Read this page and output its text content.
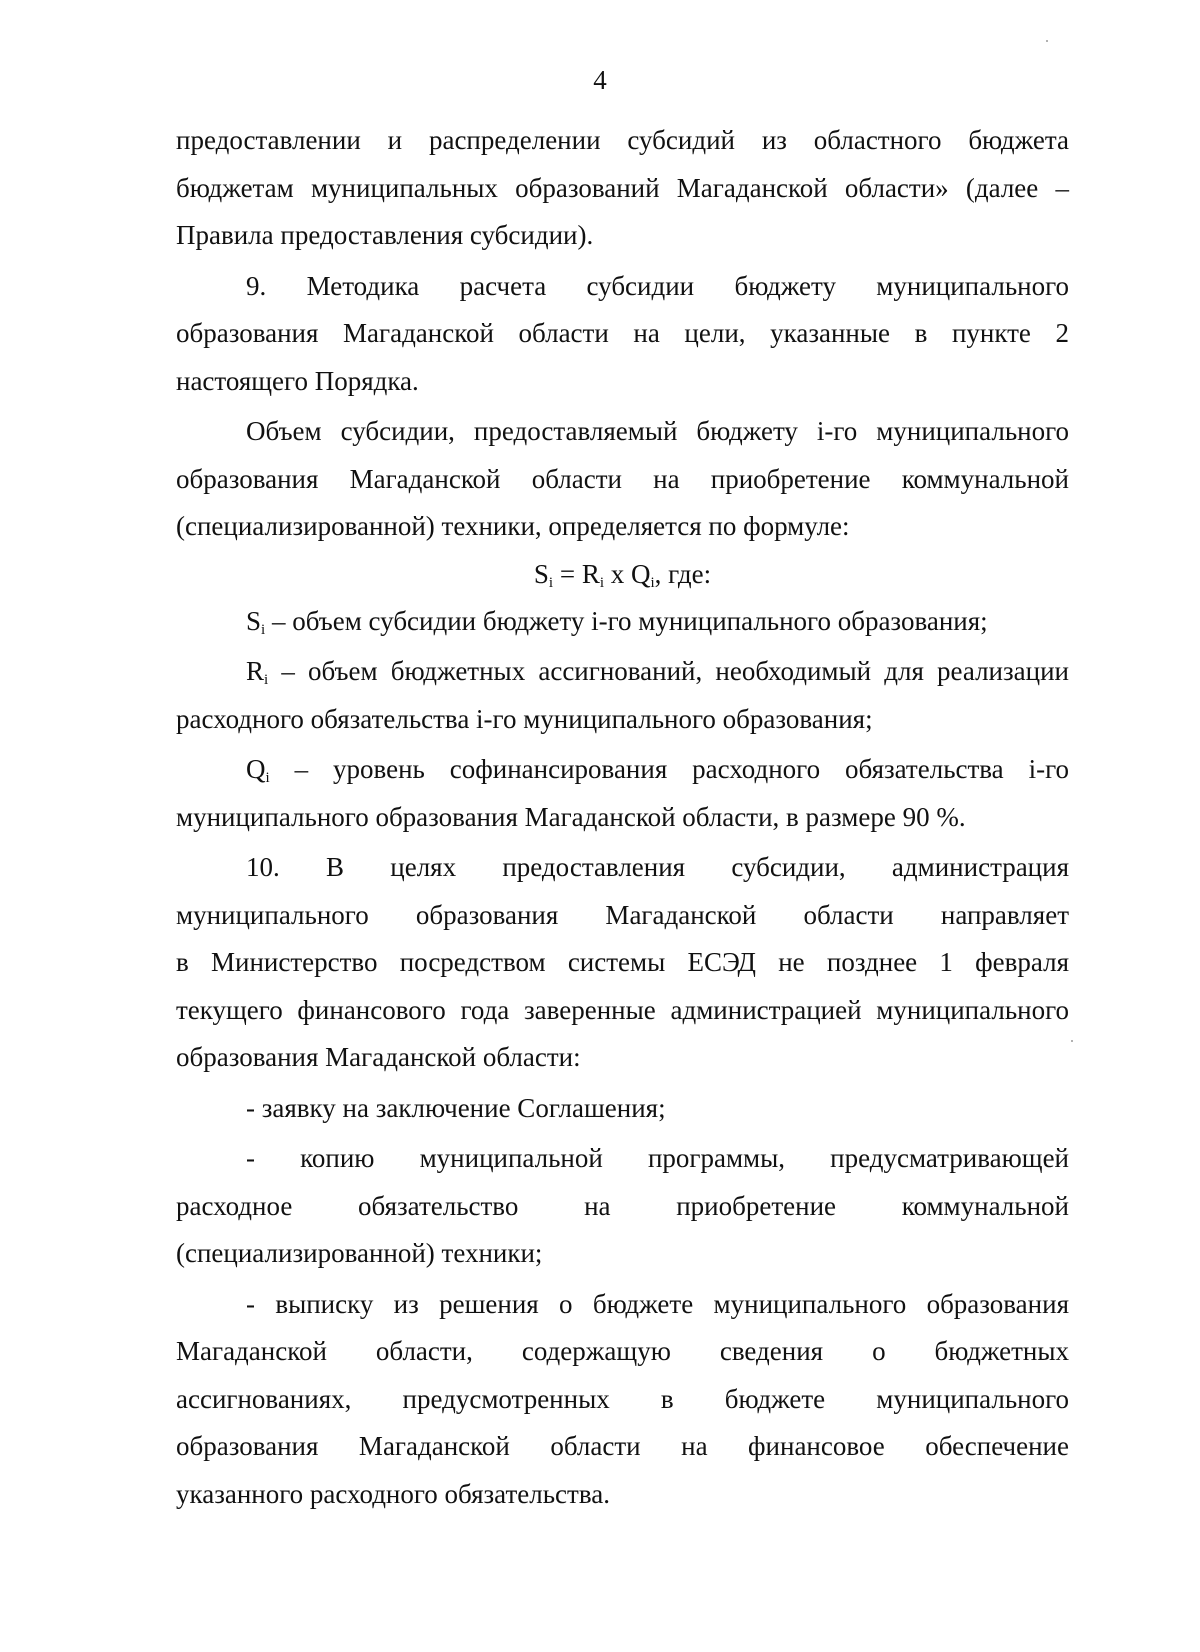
4
предоставлении и распределении субсидий из областного бюджета
бюджетам муниципальных образований Магаданской области» (далее –
Правила предоставления субсидии).
9. Методика расчета субсидии бюджету муниципального
образования Магаданской области на цели, указанные в пункте 2
настоящего Порядка.
Объем субсидии, предоставляемый бюджету i-го муниципального
образования Магаданской области на приобретение коммунальной
(специализированной) техники, определяется по формуле:
$S_i = R_i$ x $Q_i$, где:
$S_i$ – объем субсидии бюджету i-го муниципального образования;
$R_i$ – объем бюджетных ассигнований, необходимый для реализации
расходного обязательства i-го муниципального образования;
$Q_i$ – уровень софинансирования расходного обязательства i-го
муниципального образования Магаданской области, в размере 90 %.
10. В целях предоставления субсидии, администрация
муниципального образования Магаданской области направляет
в Министерство посредством системы ЕСЭД не позднее 1 февраля
текущего финансового года заверенные администрацией муниципального
образования Магаданской области:
- заявку на заключение Соглашения;
- копию муниципальной программы, предусматривающей
расходное обязательство на приобретение коммунальной
(специализированной) техники;
- выписку из решения о бюджете муниципального образования
Магаданской области, содержащую сведения о бюджетных
ассигнованиях, предусмотренных в бюджете муниципального
образования Магаданской области на финансовое обеспечение
указанного расходного обязательства.
